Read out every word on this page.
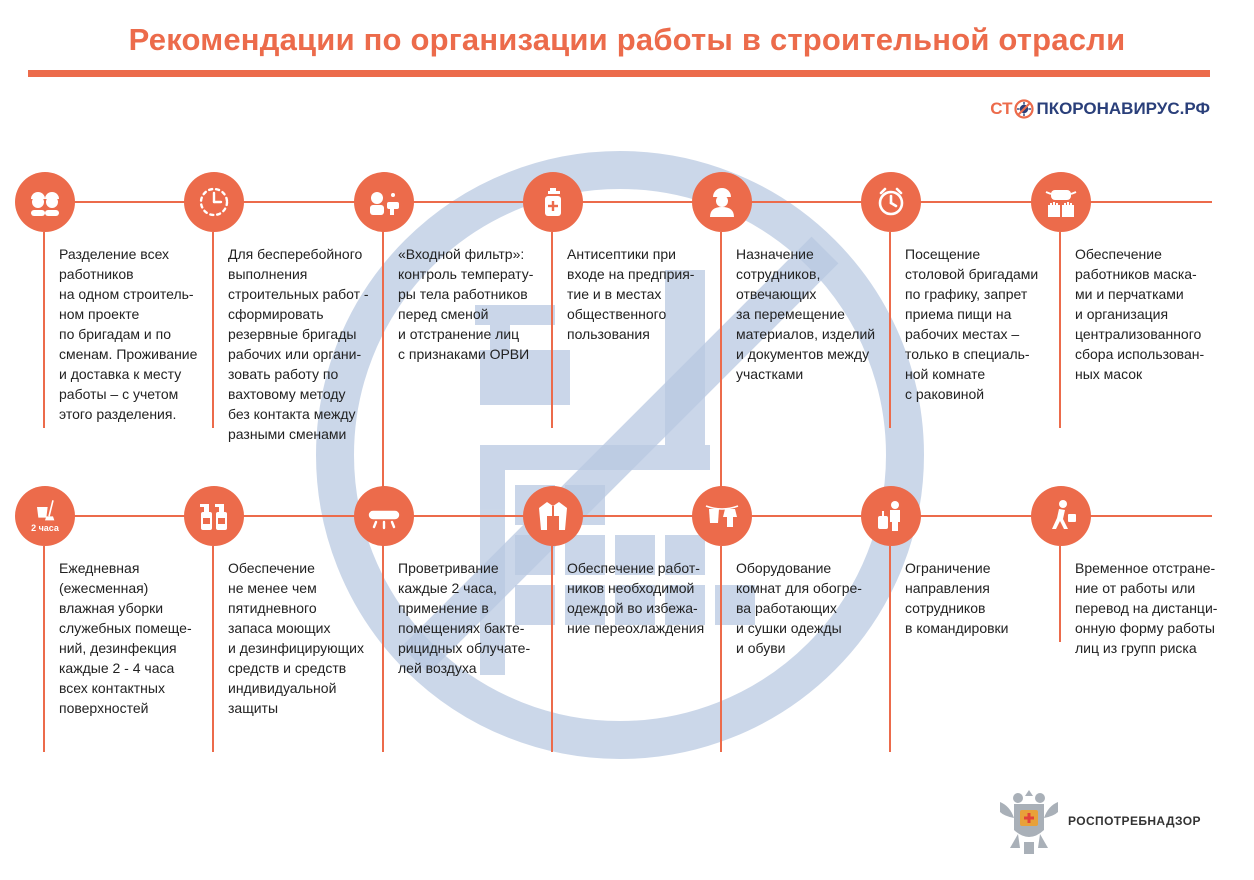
Рекомендации по организации работы в строительной отрасли
СТ ПКОРОНАВИРУС.РФ
Разделение всех
работников
на одном строитель-
ном проекте
по бригадам и по
сменам. Проживание
и доставка к месту
работы – с учетом
этого разделения.
Для бесперебойного
выполнения
строительных работ -
сформировать
резервные бригады
рабочих или органи-
зовать работу по
вахтовому методу
без контакта между
разными сменами
«Входной фильтр»:
контроль температу-
ры тела работников
перед сменой
и отстранение лиц
с признаками ОРВИ
Антисептики при
входе на предприя-
тие и в местах
общественного
пользования
Назначение
сотрудников,
отвечающих
за перемещение
материалов, изделий
и документов между
участками
Посещение
столовой бригадами
по графику, запрет
приема пищи на
рабочих местах –
только в специаль-
ной комнате
с раковиной
Обеспечение
работников маска-
ми и перчатками
и организация
централизованного
сбора использован-
ных масок
2 часа
Ежедневная
(ежесменная)
влажная уборки
служебных помеще-
ний, дезинфекция
каждые 2 - 4 часа
всех контактных
поверхностей
Обеспечение
не менее чем
пятидневного
запаса моющих
и дезинфицирующих
средств и средств
индивидуальной
защиты
Проветривание
каждые 2 часа,
применение в
помещениях бакте-
рицидных облучате-
лей воздуха
Обеспечение работ-
ников необходимой
одеждой во избежа-
ние переохлаждения
Оборудование
комнат для обогре-
ва работающих
и сушки одежды
и обуви
Ограничение
направления
сотрудников
в командировки
Временное отстране-
ние от работы или
перевод на дистанци-
онную форму работы
лиц из групп риска
РОСПОТРЕБНАДЗОР
